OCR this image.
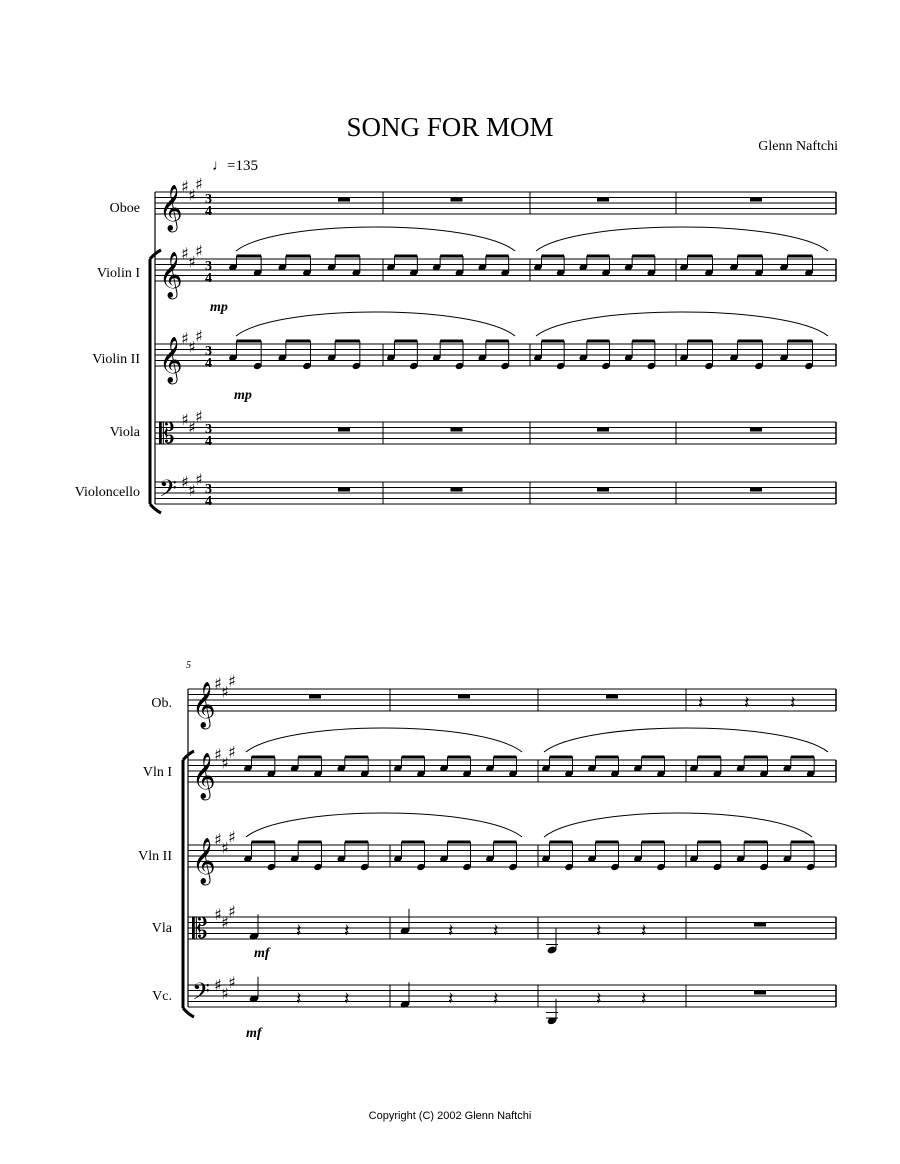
SONG FOR MOM
Glenn Naftchi
♩=135
Oboe
Violin I
Violin II
Viola
Violoncello
5
Ob.
Vln I
Vln II
Vla
Vc.
mp
mp
mf
mf
Copyright (C) 2002 Glenn Naftchi
𝄞
♯ ♯
♯
3
4
𝄞
♯ ♯
♯
3
4
𝄞
♯ ♯
♯
3
4
𝄡 ♯ ♯
♯
3
4
𝄢 ♯ ♯
♯
3
4
𝄞
♯ ♯
♯
𝄞
♯ ♯
♯
𝄞
♯ ♯
♯
𝄡 ♯ ♯
♯
𝄢 ♯ ♯
♯
𝄽 𝄽 𝄽
𝄽 𝄽	𝄽 𝄽	𝄽 𝄽
𝄽 𝄽	𝄽 𝄽	𝄽 𝄽
